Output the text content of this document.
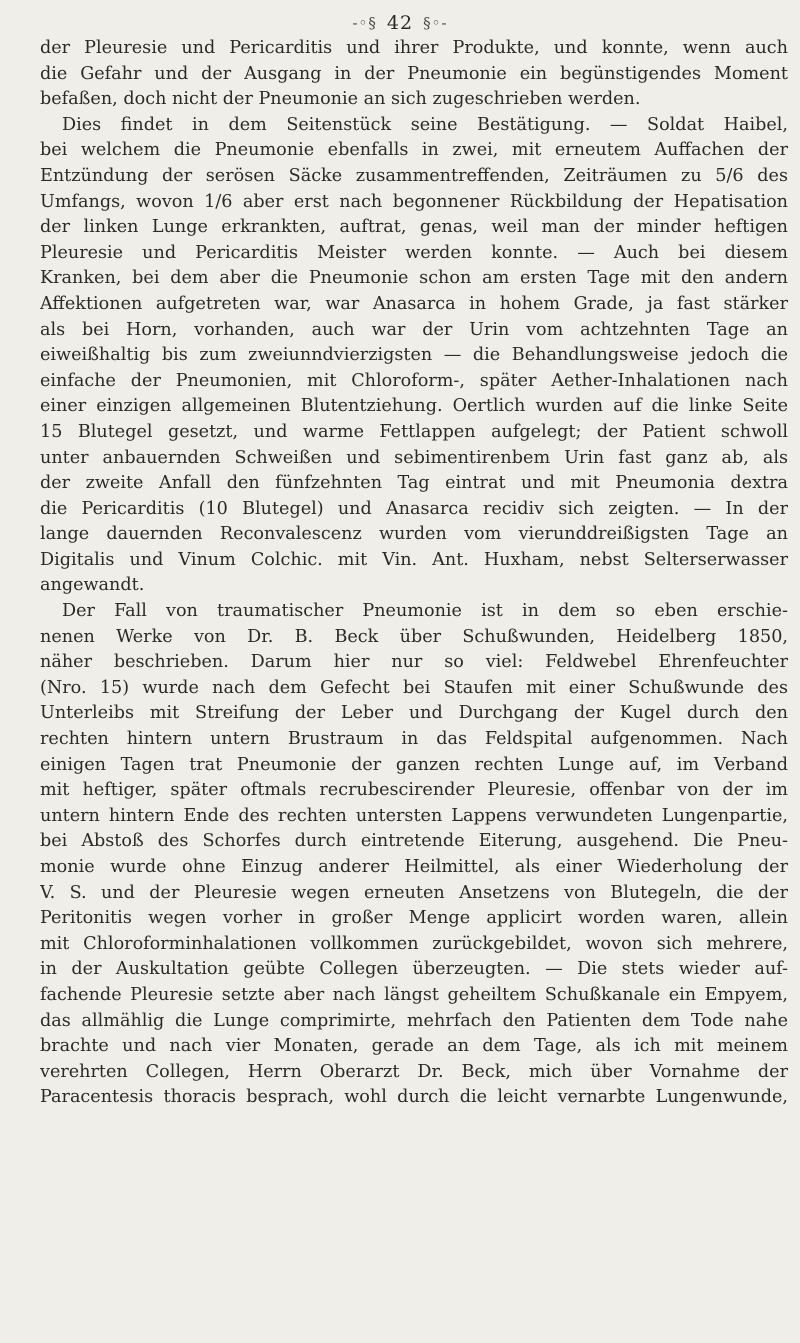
-◦§ 42 §◦-
der Pleuresie und Pericarditis und ihrer Produkte, und konnte, wenn auch
die Gefahr und der Ausgang in der Pneumonie ein begünstigendes Moment
befaßen, doch nicht der Pneumonie an sich zugeschrieben werden.
Dies findet in dem Seitenstück seine Bestätigung. — Soldat Haibel,
bei welchem die Pneumonie ebenfalls in zwei, mit erneutem Auffachen der
Entzündung der serösen Säcke zusammentreffenden, Zeiträumen zu 5/6 des
Umfangs, wovon 1/6 aber erst nach begonnener Rückbildung der Hepatisation
der linken Lunge erkrankten, auftrat, genas, weil man der minder heftigen
Pleuresie und Pericarditis Meister werden konnte. — Auch bei diesem
Kranken, bei dem aber die Pneumonie schon am ersten Tage mit den andern
Affektionen aufgetreten war, war Anasarca in hohem Grade, ja fast stärker
als bei Horn, vorhanden, auch war der Urin vom achtzehnten Tage an
eiweißhaltig bis zum zweiunndvierzigsten — die Behandlungsweise jedoch die
einfache der Pneumonien, mit Chloroform-, später Aether-Inhalationen nach
einer einzigen allgemeinen Blutentziehung. Oertlich wurden auf die linke Seite
15 Blutegel gesetzt, und warme Fettlappen aufgelegt; der Patient schwoll
unter anbauernden Schweißen und sebimentirenbem Urin fast ganz ab, als
der zweite Anfall den fünfzehnten Tag eintrat und mit Pneumonia dextra
die Pericarditis (10 Blutegel) und Anasarca recidiv sich zeigten. — In der
lange dauernden Reconvalescenz wurden vom vierunddreißigsten Tage an
Digitalis und Vinum Colchic. mit Vin. Ant. Huxham, nebst Selterserwasser
angewandt.
Der Fall von traumatischer Pneumonie ist in dem so eben erschie-
nenen Werke von Dr. B. Beck über Schußwunden, Heidelberg 1850,
näher beschrieben. Darum hier nur so viel: Feldwebel Ehrenfeuchter
(Nro. 15) wurde nach dem Gefecht bei Staufen mit einer Schußwunde des
Unterleibs mit Streifung der Leber und Durchgang der Kugel durch den
rechten hintern untern Brustraum in das Feldspital aufgenommen. Nach
einigen Tagen trat Pneumonie der ganzen rechten Lunge auf, im Verband
mit heftiger, später oftmals recrubescirender Pleuresie, offenbar von der im
untern hintern Ende des rechten untersten Lappens verwundeten Lungenpartie,
bei Abstoß des Schorfes durch eintretende Eiterung, ausgehend. Die Pneu-
monie wurde ohne Einzug anderer Heilmittel, als einer Wiederholung der
V. S. und der Pleuresie wegen erneuten Ansetzens von Blutegeln, die der
Peritonitis wegen vorher in großer Menge applicirt worden waren, allein
mit Chloroforminhalationen vollkommen zurückgebildet, wovon sich mehrere,
in der Auskultation geübte Collegen überzeugten. — Die stets wieder auf-
fachende Pleuresie setzte aber nach längst geheiltem Schußkanale ein Empyem,
das allmählig die Lunge comprimirte, mehrfach den Patienten dem Tode nahe
brachte und nach vier Monaten, gerade an dem Tage, als ich mit meinem
verehrten Collegen, Herrn Oberarzt Dr. Beck, mich über Vornahme der
Paracentesis thoracis besprach, wohl durch die leicht vernarbte Lungenwunde,
